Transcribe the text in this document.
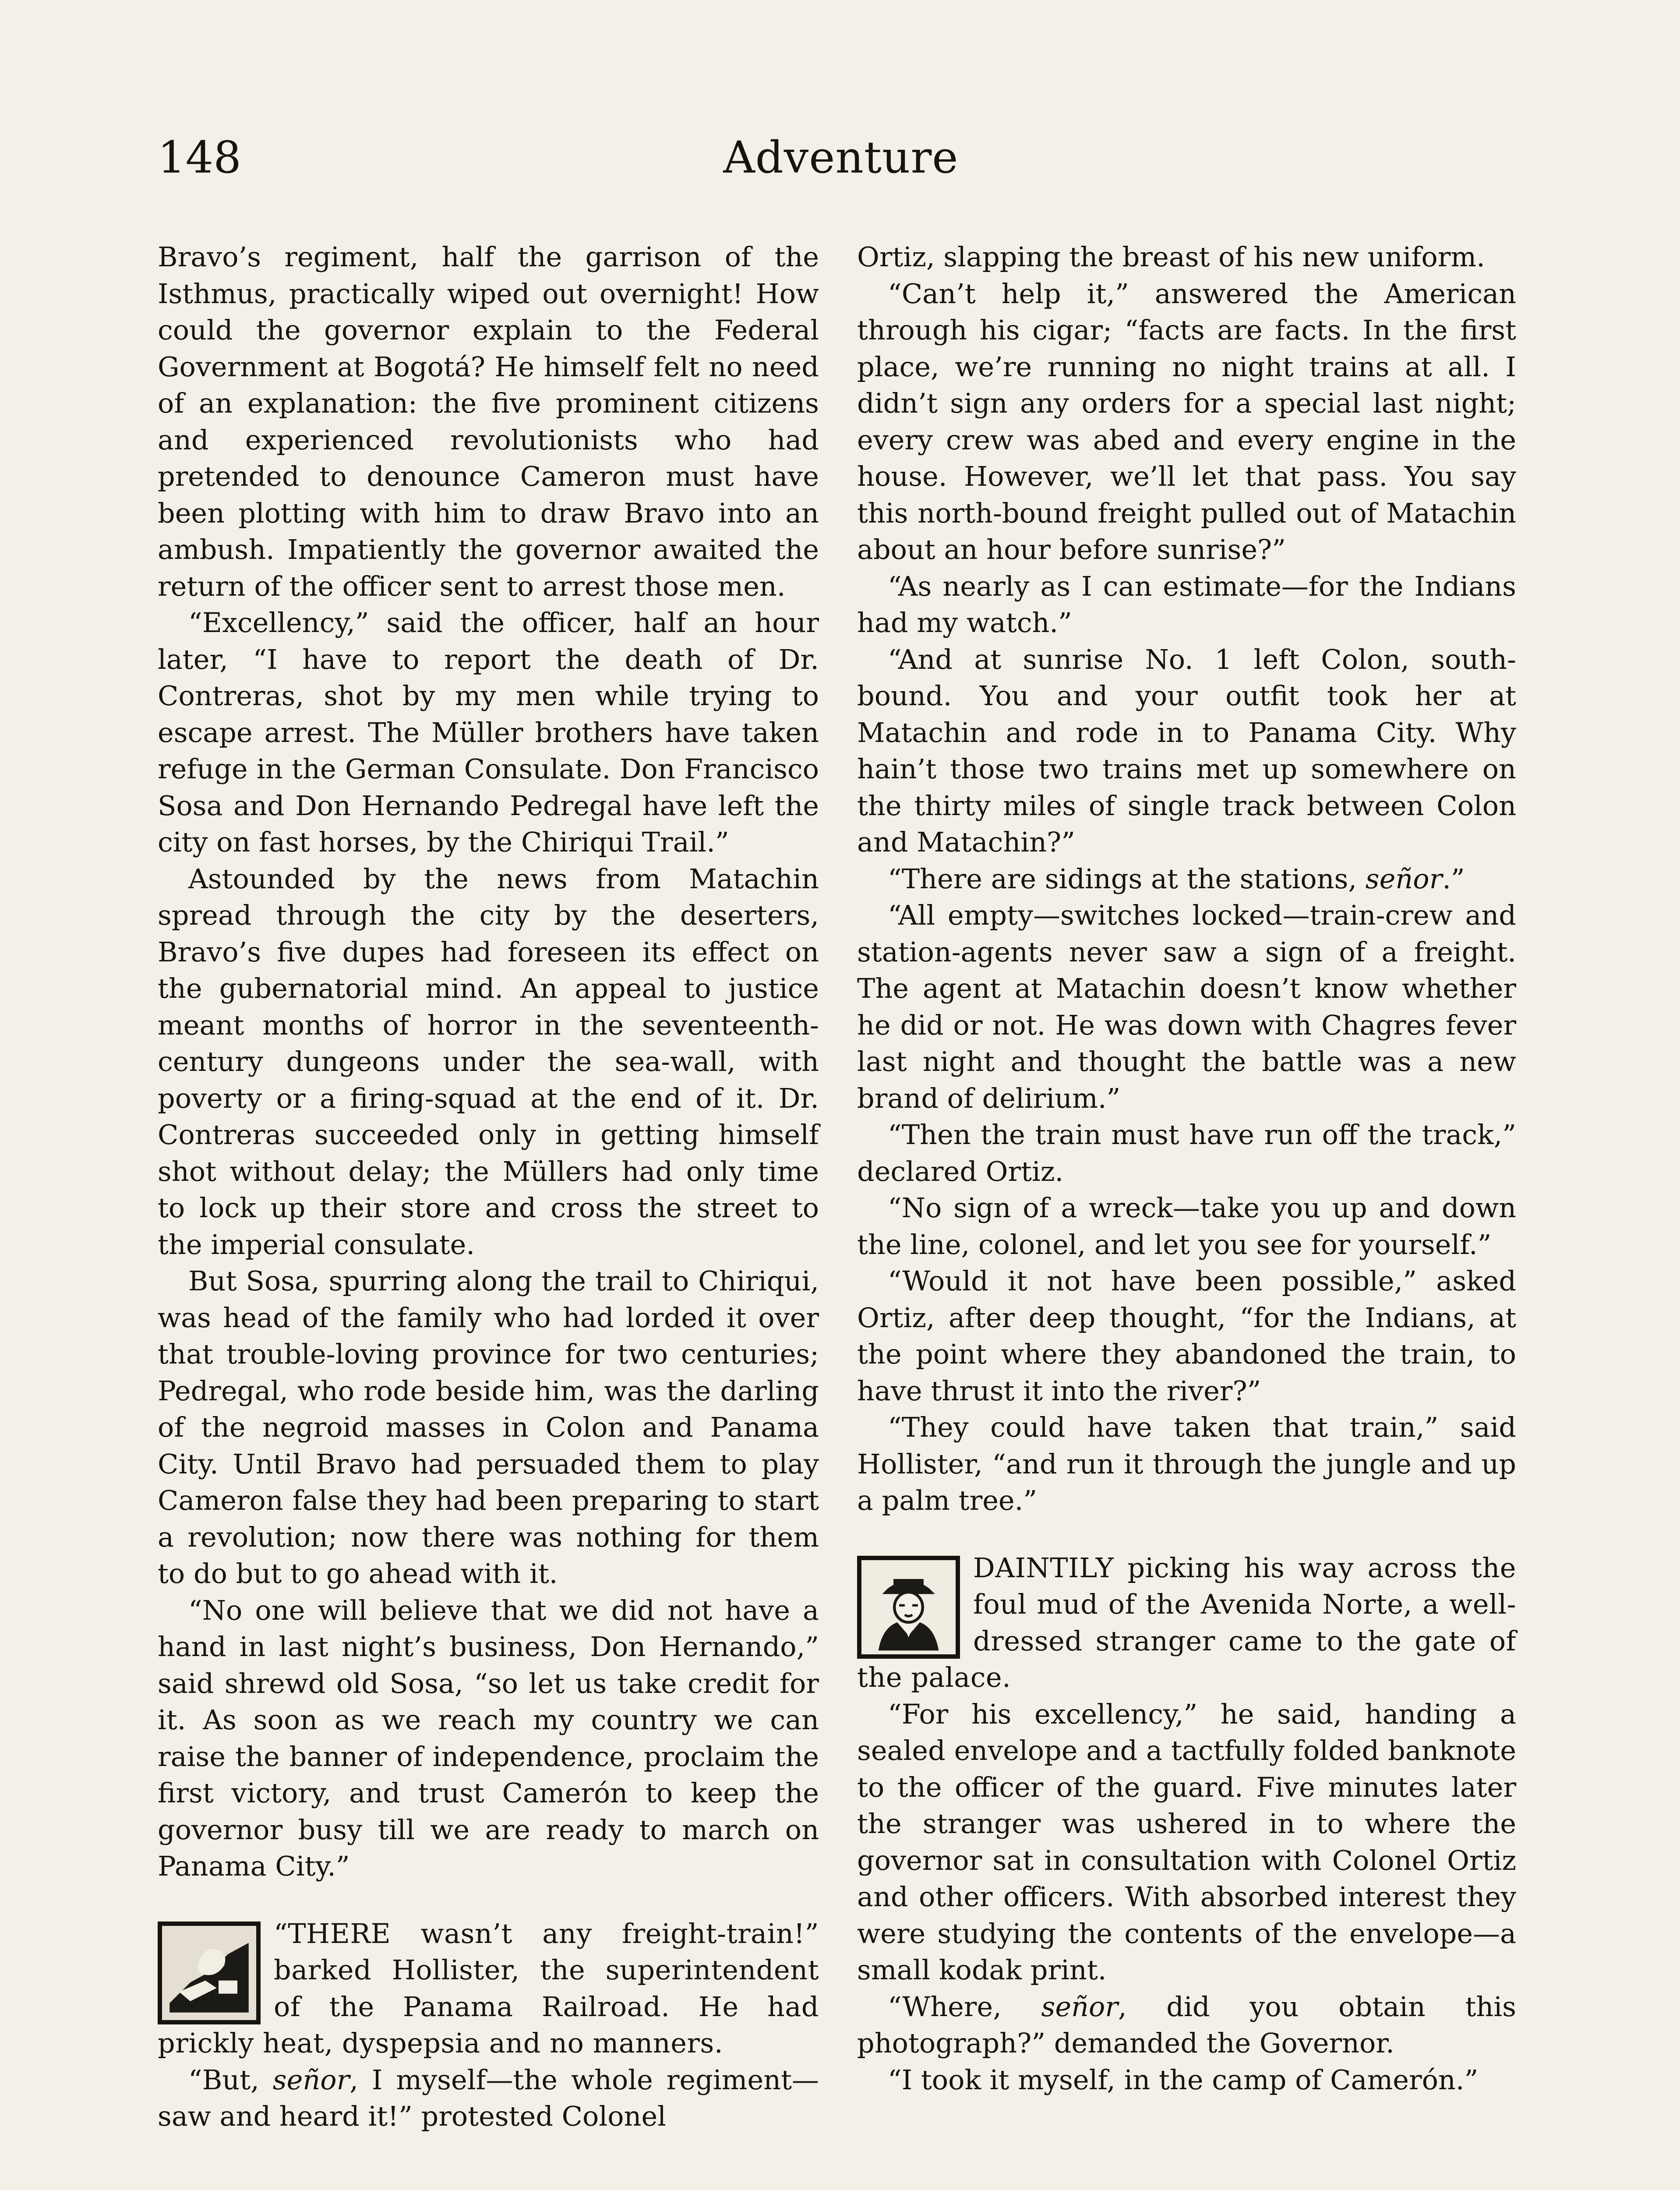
148	Adventure

Bravo’s regiment, half the garrison of the Isthmus, practically wiped out overnight! How could the governor explain to the Federal Government at Bogotá? He himself felt no need of an explanation: the five prominent citizens and experienced revolutionists who had pretended to denounce Cameron must have been plotting with him to draw Bravo into an ambush. Impatiently the governor awaited the return of the officer sent to arrest those men.

“Excellency,” said the officer, half an hour later, “I have to report the death of Dr. Contreras, shot by my men while trying to escape arrest. The Müller brothers have taken refuge in the German Consulate. Don Francisco Sosa and Don Hernando Pedregal have left the city on fast horses, by the Chiriqui Trail.”

Astounded by the news from Matachin spread through the city by the deserters, Bravo’s five dupes had foreseen its effect on the gubernatorial mind. An appeal to justice meant months of horror in the seventeenth-century dungeons under the sea-wall, with poverty or a firing-squad at the end of it. Dr. Contreras succeeded only in getting himself shot without delay; the Müllers had only time to lock up their store and cross the street to the imperial consulate.

But Sosa, spurring along the trail to Chiriqui, was head of the family who had lorded it over that trouble-loving province for two centuries; Pedregal, who rode beside him, was the darling of the negroid masses in Colon and Panama City. Until Bravo had persuaded them to play Cameron false they had been preparing to start a revolution; now there was nothing for them to do but to go ahead with it.

“No one will believe that we did not have a hand in last night’s business, Don Hernando,” said shrewd old Sosa, “so let us take credit for it. As soon as we reach my country we can raise the banner of independence, proclaim the first victory, and trust Camerón to keep the governor busy till we are ready to march on Panama City.”

“THERE wasn’t any freight-train!” barked Hollister, the superintendent of the Panama Railroad. He had prickly heat, dyspepsia and no manners.

“But, señor, I myself—the whole regiment—saw and heard it!” protested Colonel

Ortiz, slapping the breast of his new uniform.

“Can’t help it,” answered the American through his cigar; “facts are facts. In the first place, we’re running no night trains at all. I didn’t sign any orders for a special last night; every crew was abed and every engine in the house. However, we’ll let that pass. You say this north-bound freight pulled out of Matachin about an hour before sunrise?”

“As nearly as I can estimate—for the Indians had my watch.”

“And at sunrise No. 1 left Colon, south-bound. You and your outfit took her at Matachin and rode in to Panama City. Why hain’t those two trains met up somewhere on the thirty miles of single track between Colon and Matachin?”

“There are sidings at the stations, señor.”

“All empty—switches locked—train-crew and station-agents never saw a sign of a freight. The agent at Matachin doesn’t know whether he did or not. He was down with Chagres fever last night and thought the battle was a new brand of delirium.”

“Then the train must have run off the track,” declared Ortiz.

“No sign of a wreck—take you up and down the line, colonel, and let you see for yourself.”

“Would it not have been possible,” asked Ortiz, after deep thought, “for the Indians, at the point where they abandoned the train, to have thrust it into the river?”

“They could have taken that train,” said Hollister, “and run it through the jungle and up a palm tree.”

DAINTILY picking his way across the foul mud of the Avenida Norte, a well-dressed stranger came to the gate of the palace.

“For his excellency,” he said, handing a sealed envelope and a tactfully folded banknote to the officer of the guard. Five minutes later the stranger was ushered in to where the governor sat in consultation with Colonel Ortiz and other officers. With absorbed interest they were studying the contents of the envelope—a small kodak print.

“Where, señor, did you obtain this photograph?” demanded the Governor.

“I took it myself, in the camp of Camerón.”
